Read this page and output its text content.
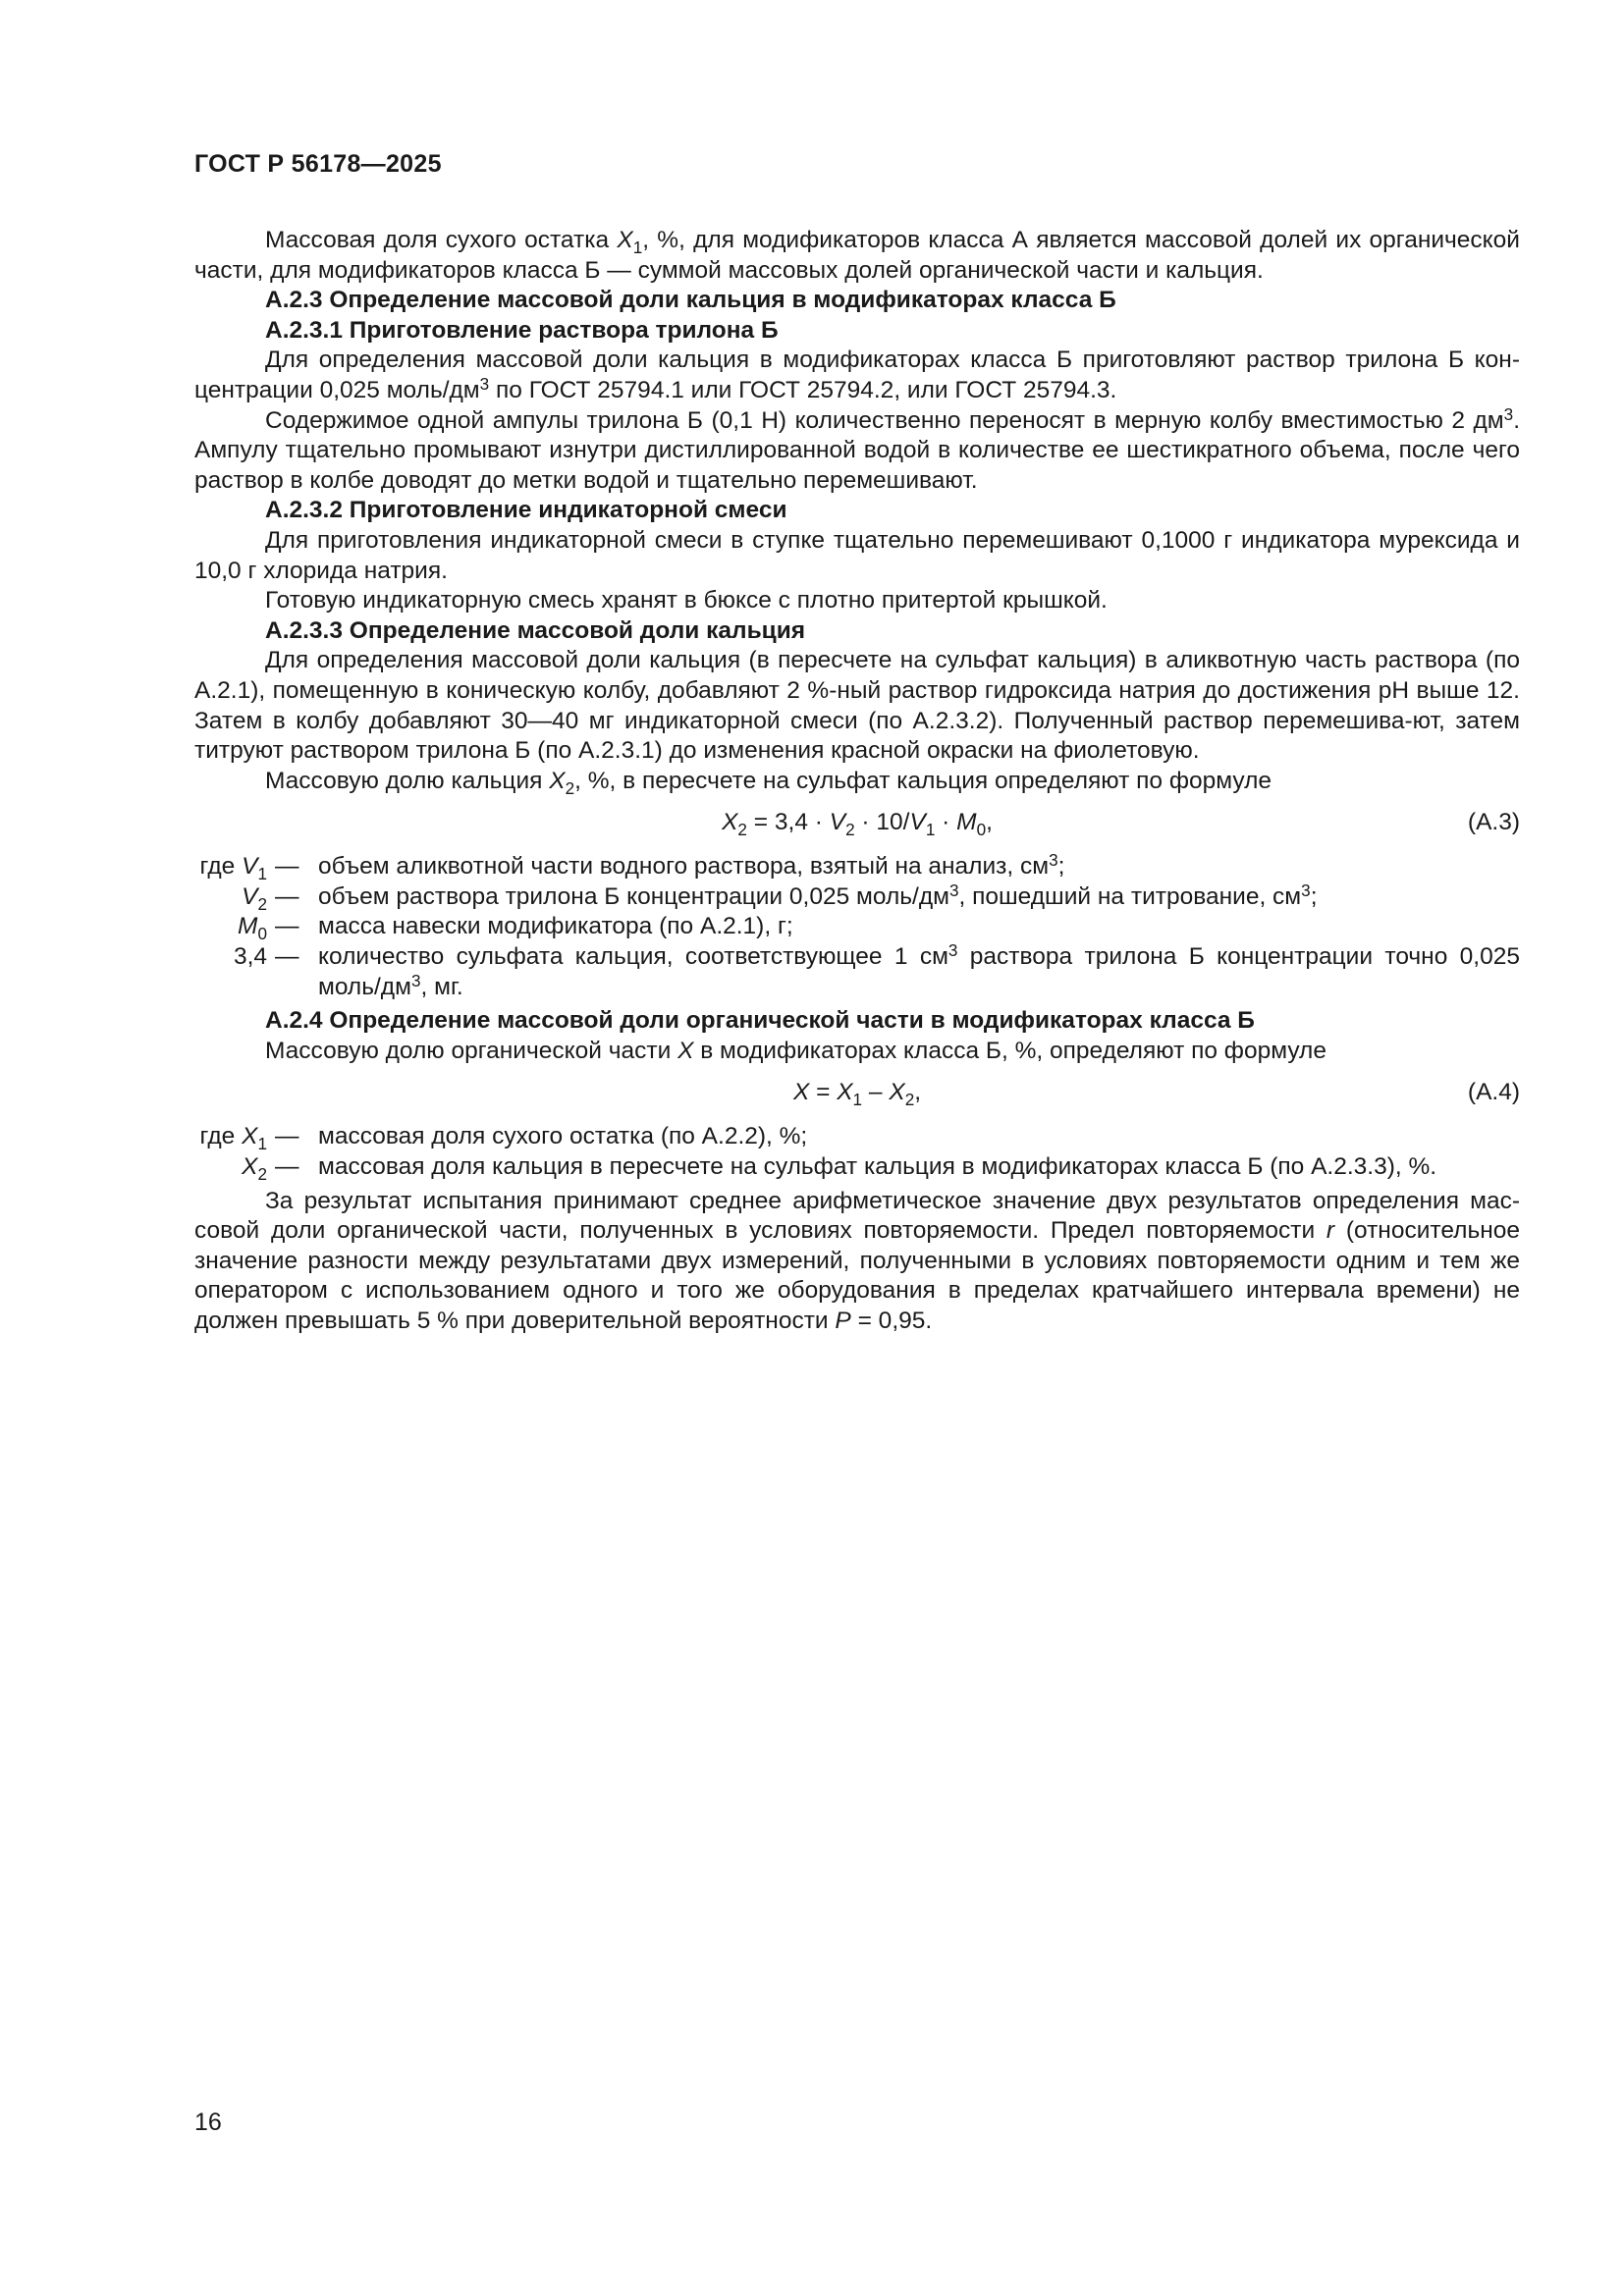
ГОСТ Р 56178—2025

Массовая доля сухого остатка $X_1$, %, для модификаторов класса А является массовой долей их органической части, для модификаторов класса Б — суммой массовых долей органической части и кальция.

А.2.3 Определение массовой доли кальция в модификаторах класса Б

А.2.3.1 Приготовление раствора трилона Б

Для определения массовой доли кальция в модификаторах класса Б приготовляют раствор трилона Б кон-центрации 0,025 моль/$дм^3$ по ГОСТ 25794.1 или ГОСТ 25794.2, или ГОСТ 25794.3.

Содержимое одной ампулы трилона Б (0,1 Н) количественно переносят в мерную колбу вместимостью 2 $дм^3$. Ампулу тщательно промывают изнутри дистиллированной водой в количестве ее шестикратного объема, после чего раствор в колбе доводят до метки водой и тщательно перемешивают.

А.2.3.2 Приготовление индикаторной смеси

Для приготовления индикаторной смеси в ступке тщательно перемешивают 0,1000 г индикатора мурексида и 10,0 г хлорида натрия.

Готовую индикаторную смесь хранят в бюксе с плотно притертой крышкой.

А.2.3.3 Определение массовой доли кальция

Для определения массовой доли кальция (в пересчете на сульфат кальция) в аликвотную часть раствора (по А.2.1), помещенную в коническую колбу, добавляют 2 %-ный раствор гидроксида натрия до достижения pH выше 12. Затем в колбу добавляют 30—40 мг индикаторной смеси (по А.2.3.2). Полученный раствор перемешива-ют, затем титруют раствором трилона Б (по А.2.3.1) до изменения красной окраски на фиолетовую.

Массовую долю кальция $X_2$, %, в пересчете на сульфат кальция определяют по формуле

$X_2 = 3,4 \cdot V_2 \cdot 10/V_1 \cdot M_0$,	(А.3)
где $V_1$ — объем аликвотной части водного раствора, взятый на анализ, $см^3$;
$V_2$ — объем раствора трилона Б концентрации 0,025 моль/$дм^3$, пошедший на титрование, $см^3$;
$M_0$ — масса навески модификатора (по А.2.1), г;
3,4 — количество сульфата кальция, соответствующее 1 $см^3$ раствора трилона Б концентрации точно 0,025 моль/$дм^3$, мг.

А.2.4 Определение массовой доли органической части в модификаторах класса Б

Массовую долю органической части X в модификаторах класса Б, %, определяют по формуле

$X = X_1 - X_2$,	(А.4)
где $X_1$ — массовая доля сухого остатка (по А.2.2), %;
$X_2$ — массовая доля кальция в пересчете на сульфат кальция в модификаторах класса Б (по А.2.3.3), %.

За результат испытания принимают среднее арифметическое значение двух результатов определения мас-совой доли органической части, полученных в условиях повторяемости. Предел повторяемости r (относительное значение разности между результатами двух измерений, полученными в условиях повторяемости одним и тем же оператором с использованием одного и того же оборудования в пределах кратчайшего интервала времени) не должен превышать 5 % при доверительной вероятности P = 0,95.

16
